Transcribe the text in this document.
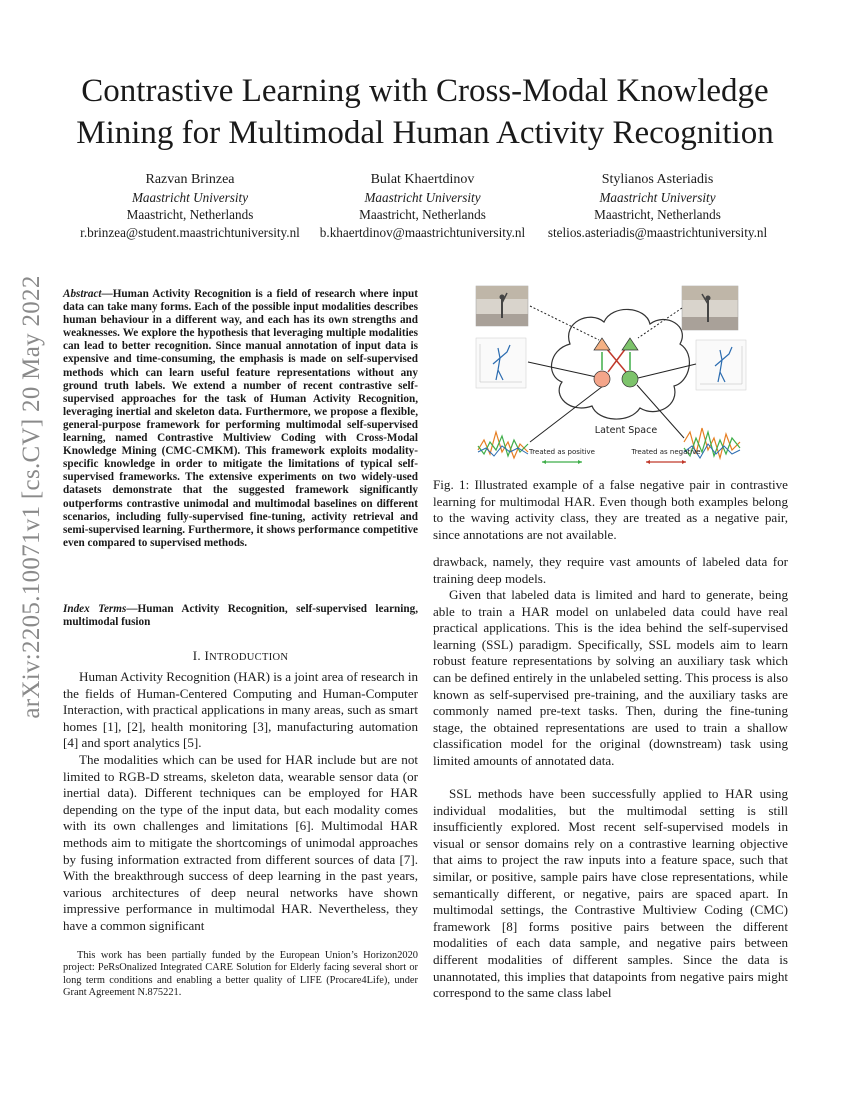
arXiv:2205.10071v1 [cs.CV] 20 May 2022
Contrastive Learning with Cross-Modal Knowledge
Mining for Multimodal Human Activity Recognition
Razvan Brinzea
Maastricht University
Maastricht, Netherlands
r.brinzea@student.maastrichtuniversity.nl
Bulat Khaertdinov
Maastricht University
Maastricht, Netherlands
b.khaertdinov@maastrichtuniversity.nl
Stylianos Asteriadis
Maastricht University
Maastricht, Netherlands
stelios.asteriadis@maastrichtuniversity.nl

Abstract—Human Activity Recognition is a field of research where input data can take many forms. Each of the possible input modalities describes human behaviour in a different way, and each has its own strengths and weaknesses. We explore the hypothesis that leveraging multiple modalities can lead to better recognition. Since manual annotation of input data is expensive and time-consuming, the emphasis is made on self-supervised methods which can learn useful feature representations without any ground truth labels. We extend a number of recent contrastive self-supervised approaches for the task of Human Activity Recognition, leveraging inertial and skeleton data. Furthermore, we propose a flexible, general-purpose framework for performing multimodal self-supervised learning, named Contrastive Multiview Coding with Cross-Modal Knowledge Mining (CMC-CMKM). This framework exploits modality-specific knowledge in order to mitigate the limitations of typical self-supervised frameworks. The extensive experiments on two widely-used datasets demonstrate that the suggested framework significantly outperforms contrastive unimodal and multimodal baselines on different scenarios, including fully-supervised fine-tuning, activity retrieval and semi-supervised learning. Furthermore, it shows performance competitive even compared to supervised methods.

Index Terms—Human Activity Recognition, self-supervised learning, multimodal fusion

I. INTRODUCTION

Human Activity Recognition (HAR) is a joint area of research in the fields of Human-Centered Computing and Human-Computer Interaction, with practical applications in many areas, such as smart homes [1], [2], health monitoring [3], manufacturing automation [4] and sport analytics [5].

The modalities which can be used for HAR include but are not limited to RGB-D streams, skeleton data, wearable sensor data (or inertial data). Different techniques can be employed for HAR depending on the type of the input data, but each modality comes with its own challenges and limitations [6]. Multimodal HAR methods aim to mitigate the shortcomings of unimodal approaches by fusing information extracted from different sources of data [7]. With the breakthrough success of deep learning in the past years, various architectures of deep neural networks have shown impressive performance in multimodal HAR. Nevertheless, they have a common significant

This work has been partially funded by the European Union’s Horizon2020 project: PeRsOnalized Integrated CARE Solution for Elderly facing several short or long term conditions and enabling a better quality of LIFE (Procare4Life), under Grant Agreement N.875221.

Latent Space
Treated as positive	Treated as negative

Fig. 1: Illustrated example of a false negative pair in contrastive learning for multimodal HAR. Even though both examples belong to the waving activity class, they are treated as a negative pair, since annotations are not available.

drawback, namely, they require vast amounts of labeled data for training deep models.

Given that labeled data is limited and hard to generate, being able to train a HAR model on unlabeled data could have real practical applications. This is the idea behind the self-supervised learning (SSL) paradigm. Specifically, SSL models aim to learn robust feature representations by solving an auxiliary task which can be defined entirely in the unlabeled setting. This process is also known as self-supervised pre-training, and the auxiliary tasks are commonly named pre-text tasks. Then, during the fine-tuning stage, the obtained representations are used to train a shallow classification model for the original (downstream) task using limited amounts of annotated data.

SSL methods have been successfully applied to HAR using individual modalities, but the multimodal setting is still insufficiently explored. Most recent self-supervised models in visual or sensor domains rely on a contrastive learning objective that aims to project the raw inputs into a feature space, such that similar, or positive, sample pairs have close representations, while semantically different, or negative, pairs are spaced apart. In multimodal settings, the Contrastive Multiview Coding (CMC) framework [8] forms positive pairs between the different modalities of each data sample, and negative pairs between different modalities of different samples. Since the data is unannotated, this implies that datapoints from negative pairs might correspond to the same class label
